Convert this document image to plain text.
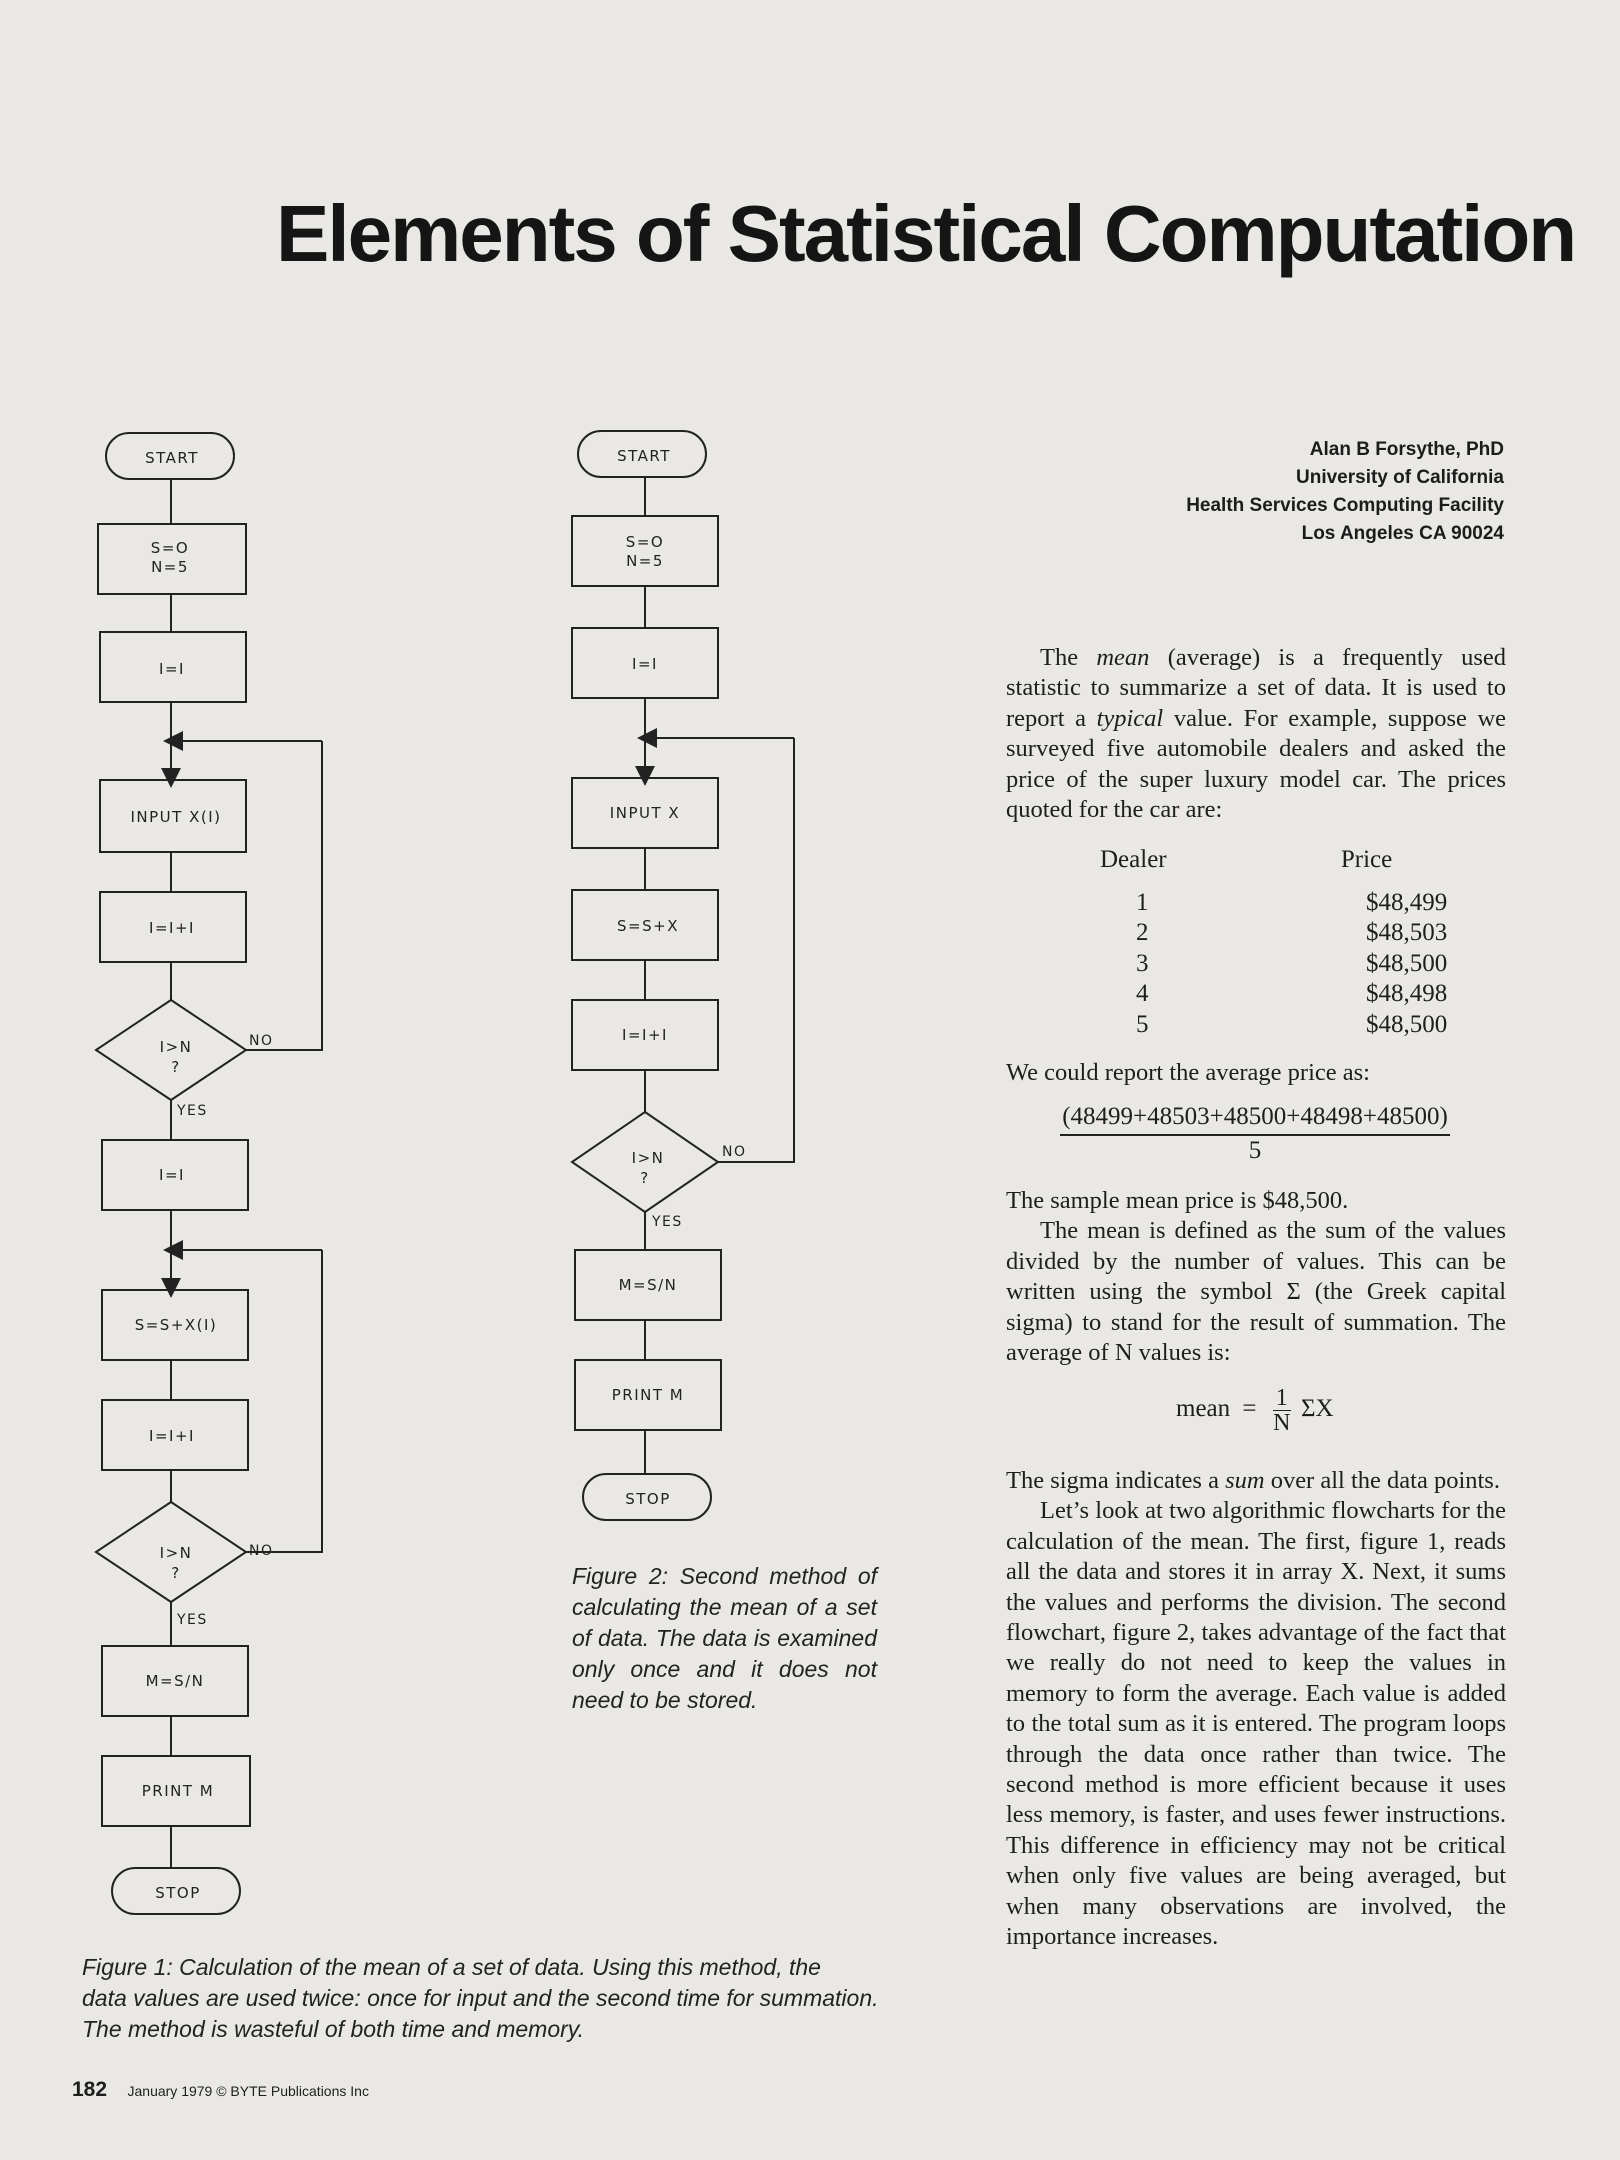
Elements of Statistical Computation
Alan B Forsythe, PhD
University of California
Health Services Computing Facility
Los Angeles CA 90024
START
S=O
N=5
I=I
INPUT X(I)
I=I+I
I>N
?
NO
YES
I=I
S=S+X(I)
I=I+I
I>N
?
NO
YES
M=S/N
PRINT M
STOP
START
S=O
N=5
I=I
INPUT X
S=S+X
I=I+I
I>N
?
NO
YES
M=S/N
PRINT M
STOP
Figure 1: Calculation of the mean of a set of data. Using this method, the
data values are used twice: once for input and the second time for summation.
The method is wasteful of both time and memory.
Figure 2: Second method of calculating the mean of a set of data. The data is examined only once and it does not need to be stored.

The mean (average) is a frequently used statistic to summarize a set of data. It is used to report a typical value. For example, suppose we surveyed five automobile dealers and asked the price of the super luxury model car. The prices quoted for the car are:

Dealer	Price
1	$48,499
2	$48,503
3	$48,500
4	$48,498
5	$48,500

We could report the average price as:

(48499+48503+48500+48498+48500)
5

The sample mean price is $48,500.

The mean is defined as the sum of the values divided by the number of values. This can be written using the symbol Σ (the Greek capital sigma) to stand for the result of summation. The average of N values is:

mean = $\frac{1}{N}$ ΣX

The sigma indicates a sum over all the data points.

Let’s look at two algorithmic flowcharts for the calculation of the mean. The first, figure 1, reads all the data and stores it in array X. Next, it sums the values and performs the division. The second flowchart, figure 2, takes advantage of the fact that we really do not need to keep the values in memory to form the average. Each value is added to the total sum as it is entered. The program loops through the data once rather than twice. The second method is more efficient because it uses less memory, is faster, and uses fewer instructions. This difference in efficiency may not be critical when only five values are being averaged, but when many observations are involved, the importance increases.

182 January 1979 © BYTE Publications Inc
